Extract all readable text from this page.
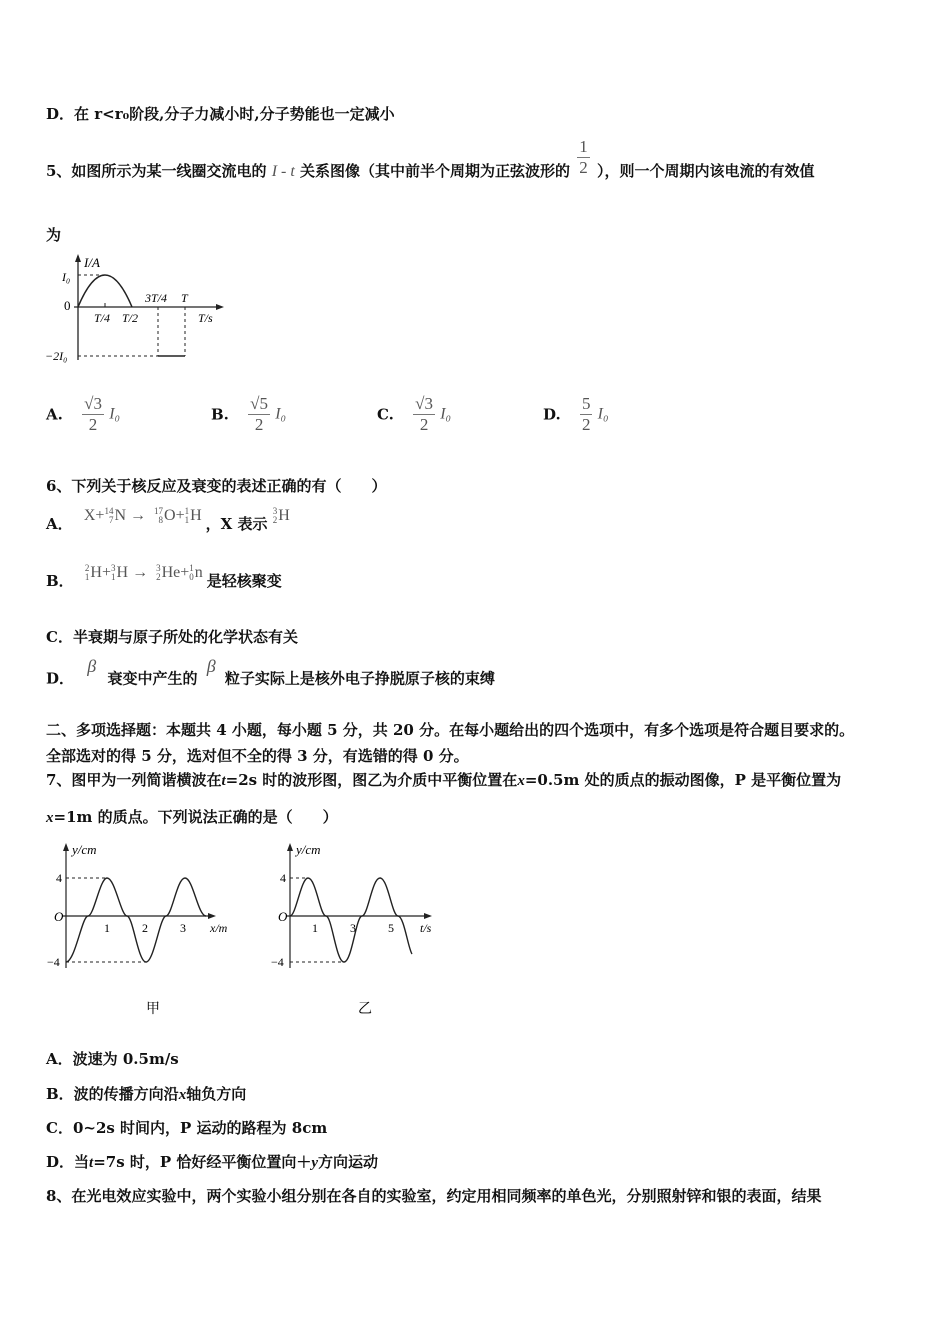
D．在 r<r₀阶段,分子力减小时,分子势能也一定减小
5、如图所示为某一线圈交流电的 I - t 关系图像（其中前半个周期为正弦波形的 $\frac{1}{2}$ ），则一个周期内该电流的有效值
为
I/A
I₀
0
−2I₀
T/4 T/2
3T/4 T
T/s
A. $\frac{√3}{2} I_0$	B. $\frac{√5}{2} I_0$	C. $\frac{√3}{2} I_0$	D. $\frac{5}{2} I_0$
6、下列关于核反应及衰变的表述正确的有（　　）
A． X+14
7N → 17
8O+1
1H ，X 表示 3
2H
B． 2
1H+3
1H → 3
2He+1
0n 是轻核聚变
C．半衰期与原子所处的化学状态有关
D． β 衰变中产生的 β 粒子实际上是核外电子挣脱原子核的束缚
二、多项选择题：本题共 4 小题，每小题 5 分，共 20 分。在每小题给出的四个选项中，有多个选项是符合题目要求的。
全部选对的得 5 分，选对但不全的得 3 分，有选错的得 0 分。
7、图甲为一列简谐横波在t=2s 时的波形图，图乙为介质中平衡位置在x=0.5m 处的质点的振动图像，P 是平衡位置为
x=1m 的质点。下列说法正确的是（　　）
y/cm
4
O
−4
1	2	3 x/m
甲
y/cm
4
O
−4
1	3	5 t/s
乙
A．波速为 0.5m/s
B．波的传播方向沿x轴负方向
C．0~2s 时间内，P 运动的路程为 8cm
D．当t=7s 时，P 恰好经平衡位置向＋y方向运动
8、在光电效应实验中，两个实验小组分别在各自的实验室，约定用相同频率的单色光，分别照射锌和银的表面，结果
